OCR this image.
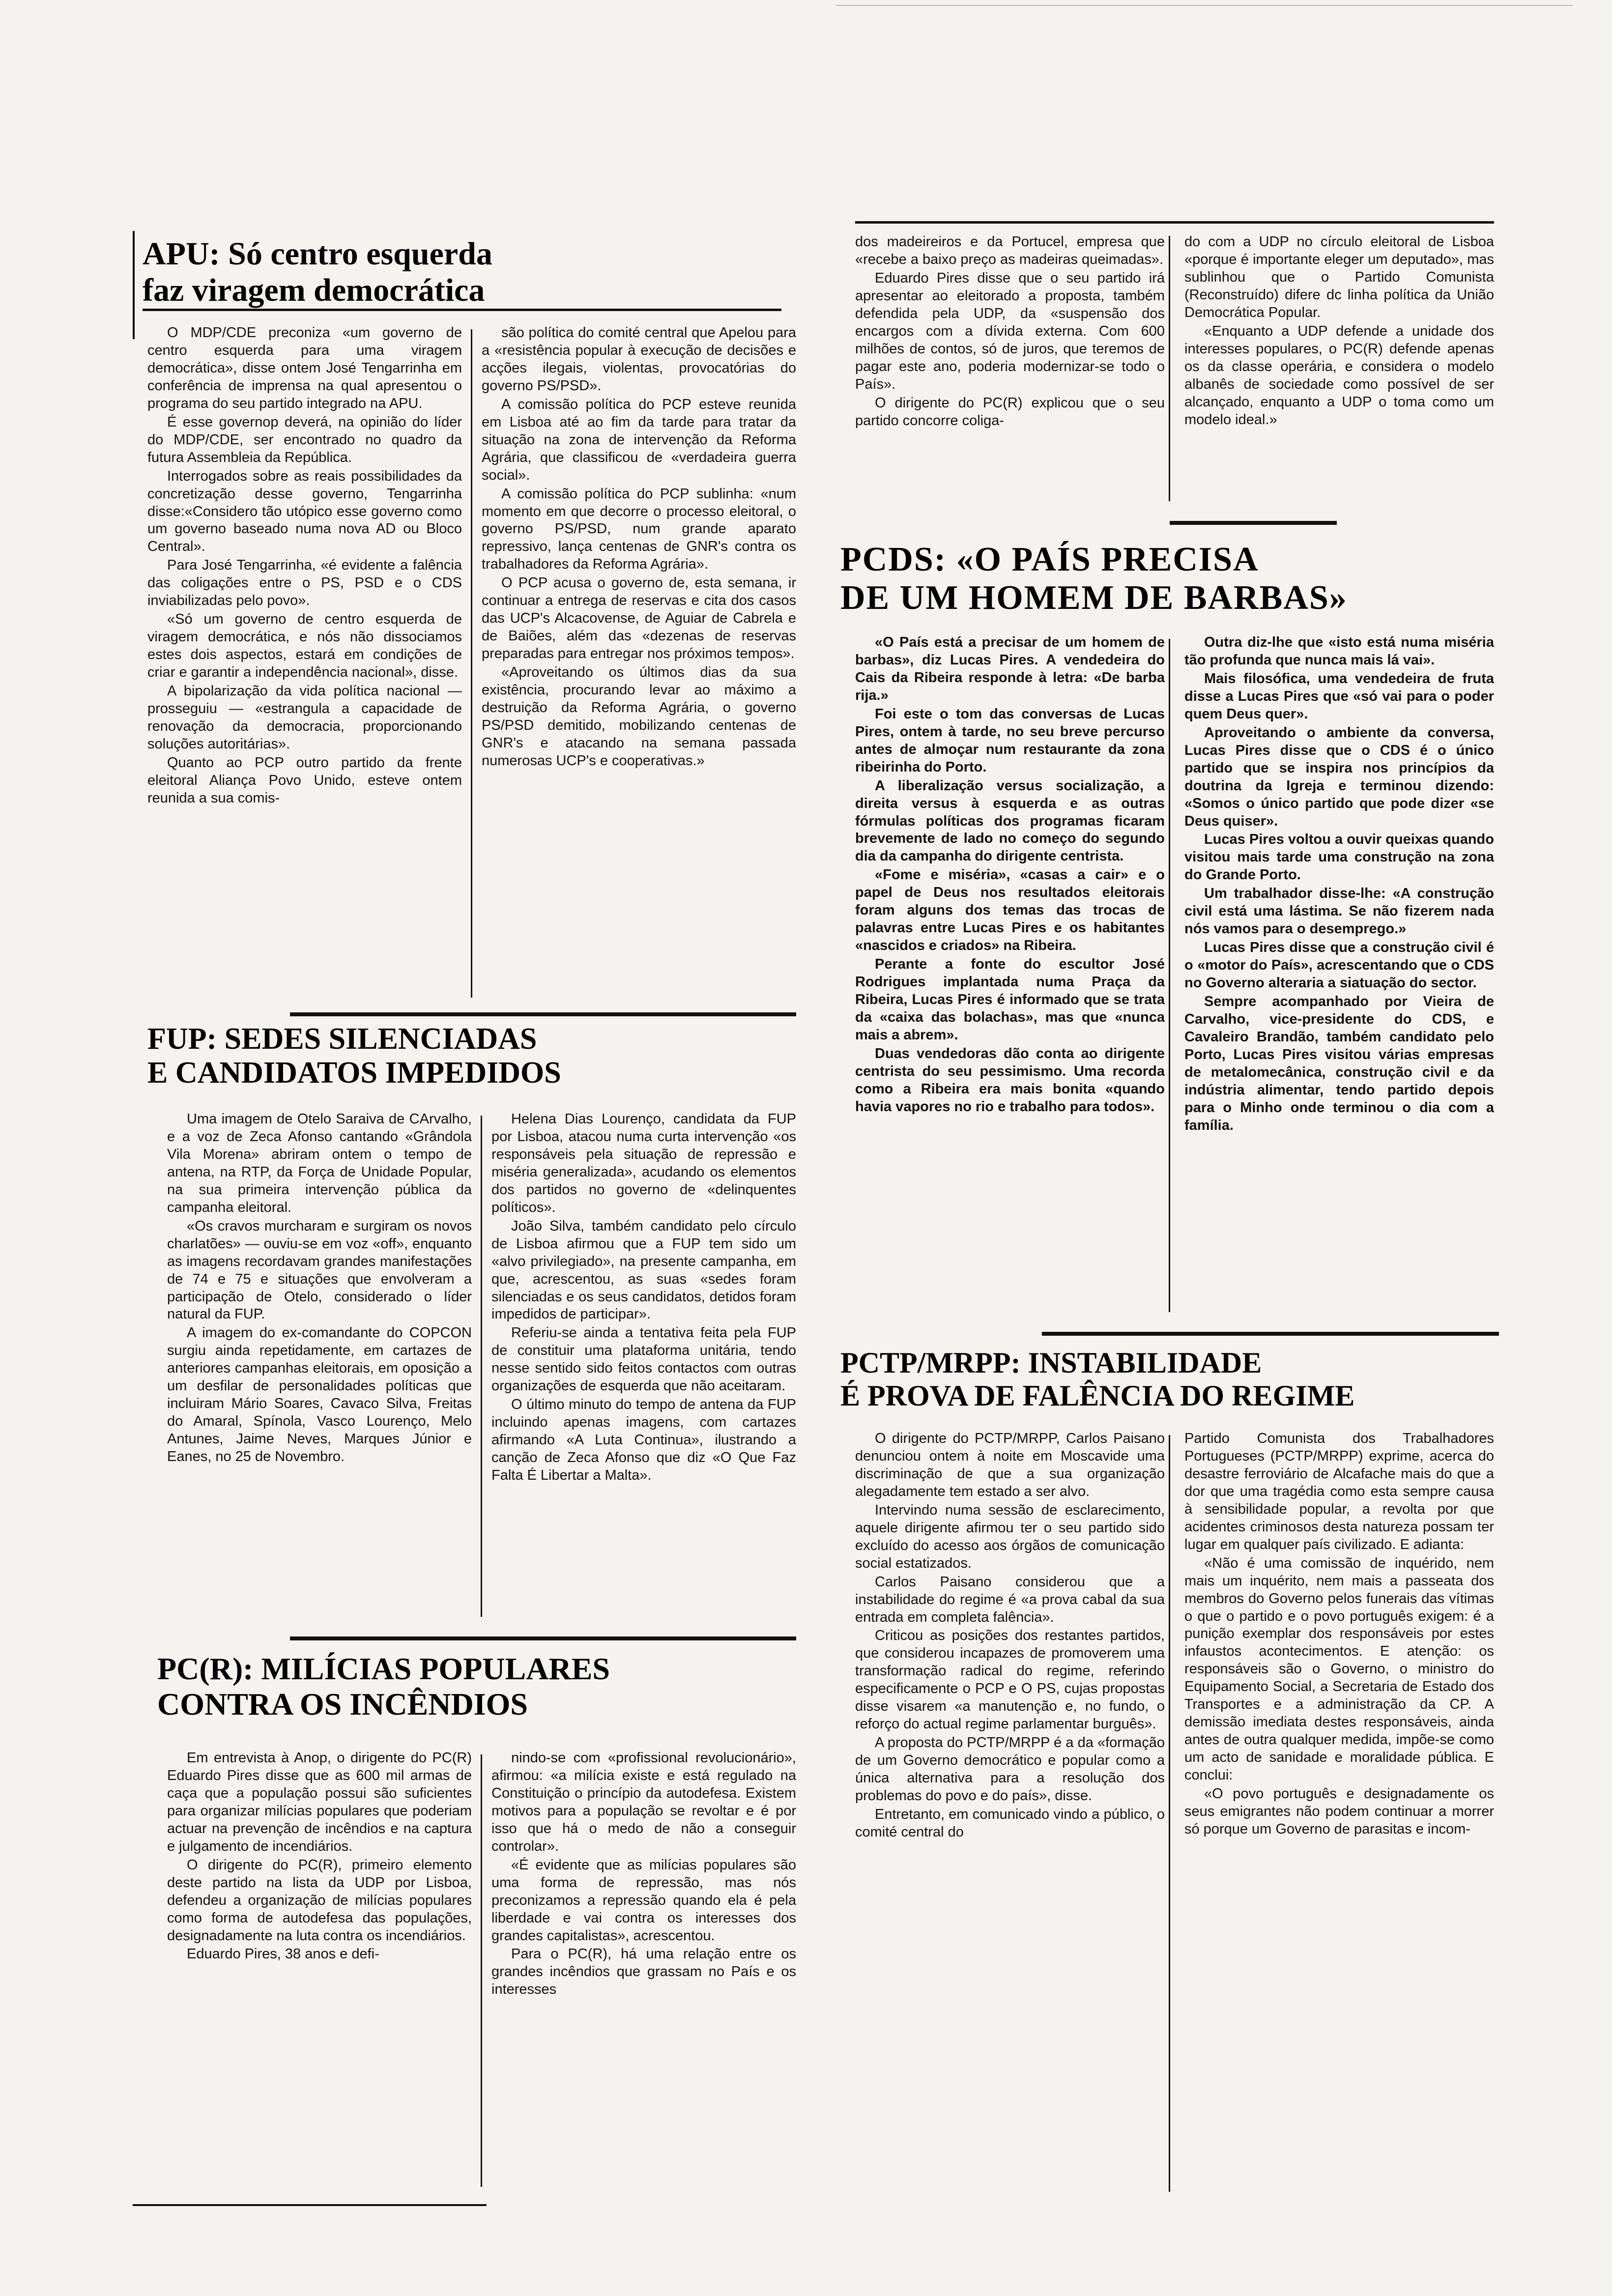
APU: Só centro esquerda
faz viragem democrática

O MDP/CDE preconiza «um governo de centro esquerda para uma viragem democrática», disse ontem José Tengarrinha em conferência de imprensa na qual apresentou o programa do seu partido integrado na APU.

É esse governop deverá, na opinião do líder do MDP/CDE, ser encontrado no quadro da futura Assembleia da República.

Interrogados sobre as reais possibilidades da concretização desse governo, Tengarrinha disse:«Considero tão utópico esse governo como um governo baseado numa nova AD ou Bloco Central».

Para José Tengarrinha, «é evidente a falência das coligações entre o PS, PSD e o CDS inviabilizadas pelo povo».

«Só um governo de centro esquerda de viragem democrática, e nós não dissociamos estes dois aspectos, estará em condições de criar e garantir a independência nacional», disse.

A bipolarização da vida política nacional — prosseguiu — «estrangula a capacidade de renovação da democracia, proporcionando soluções autoritárias».

Quanto ao PCP outro partido da frente eleitoral Aliança Povo Unido, esteve ontem reunida a sua comis-

são política do comité central que Apelou para a «resistência popular à execução de decisões e acções ilegais, violentas, provocatórias do governo PS/PSD».

A comissão política do PCP esteve reunida em Lisboa até ao fim da tarde para tratar da situação na zona de intervenção da Reforma Agrária, que classificou de «verdadeira guerra social».

A comissão política do PCP sublinha: «num momento em que decorre o processo eleitoral, o governo PS/PSD, num grande aparato repressivo, lança centenas de GNR's contra os trabalhadores da Reforma Agrária».

O PCP acusa o governo de, esta semana, ir continuar a entrega de reservas e cita dos casos das UCP's Alcacovense, de Aguiar de Cabrela e de Baiões, além das «dezenas de reservas preparadas para entregar nos próximos tempos».

«Aproveitando os últimos dias da sua existência, procurando levar ao máximo a destruição da Reforma Agrária, o governo PS/PSD demitido, mobilizando centenas de GNR's e atacando na semana passada numerosas UCP's e cooperativas.»

FUP: SEDES SILENCIADAS
E CANDIDATOS IMPEDIDOS

Uma imagem de Otelo Saraiva de CArvalho, e a voz de Zeca Afonso cantando «Grândola Vila Morena» abriram ontem o tempo de antena, na RTP, da Força de Unidade Popular, na sua primeira intervenção pública da campanha eleitoral.

«Os cravos murcharam e surgiram os novos charlatões» — ouviu-se em voz «off», enquanto as imagens recordavam grandes manifestações de 74 e 75 e situações que envolveram a participação de Otelo, considerado o líder natural da FUP.

A imagem do ex-comandante do COPCON surgiu ainda repetidamente, em cartazes de anteriores campanhas eleitorais, em oposição a um desfilar de personalidades políticas que incluiram Mário Soares, Cavaco Silva, Freitas do Amaral, Spínola, Vasco Lourenço, Melo Antunes, Jaime Neves, Marques Júnior e Eanes, no 25 de Novembro.

Helena Dias Lourenço, candidata da FUP por Lisboa, atacou numa curta intervenção «os responsáveis pela situação de repressão e miséria generalizada», acudando os elementos dos partidos no governo de «delinquentes políticos».

João Silva, também candidato pelo círculo de Lisboa afirmou que a FUP tem sido um «alvo privilegiado», na presente campanha, em que, acrescentou, as suas «sedes foram silenciadas e os seus candidatos, detidos foram impedidos de participar».

Referiu-se ainda a tentativa feita pela FUP de constituir uma plataforma unitária, tendo nesse sentido sido feitos contactos com outras organizações de esquerda que não aceitaram.

O último minuto do tempo de antena da FUP incluindo apenas imagens, com cartazes afirmando «A Luta Continua», ilustrando a canção de Zeca Afonso que diz «O Que Faz Falta É Libertar a Malta».

PC(R): MILÍCIAS POPULARES
CONTRA OS INCÊNDIOS

Em entrevista à Anop, o dirigente do PC(R) Eduardo Pires disse que as 600 mil armas de caça que a população possui são suficientes para organizar milícias populares que poderiam actuar na prevenção de incêndios e na captura e julgamento de incendiários.

O dirigente do PC(R), primeiro elemento deste partido na lista da UDP por Lisboa, defendeu a organização de milícias populares como forma de autodefesa das populações, designadamente na luta contra os incendiários.

Eduardo Pires, 38 anos e defi-

nindo-se com «profissional revolucionário», afirmou: «a milícia existe e está regulado na Constituição o princípio da autodefesa. Existem motivos para a população se revoltar e é por isso que há o medo de não a conseguir controlar».

«É evidente que as milícias populares são uma forma de repressão, mas nós preconizamos a repressão quando ela é pela liberdade e vai contra os interesses dos grandes capitalistas», acrescentou.

Para o PC(R), há uma relação entre os grandes incêndios que grassam no País e os interesses

dos madeireiros e da Portucel, empresa que «recebe a baixo preço as madeiras queimadas».

Eduardo Pires disse que o seu partido irá apresentar ao eleitorado a proposta, também defendida pela UDP, da «suspensão dos encargos com a dívida externa. Com 600 milhões de contos, só de juros, que teremos de pagar este ano, poderia modernizar-se todo o País».

O dirigente do PC(R) explicou que o seu partido concorre coliga-

do com a UDP no círculo eleitoral de Lisboa «porque é importante eleger um deputado», mas sublinhou que o Partido Comunista (Reconstruído) difere dc linha política da União Democrática Popular.

«Enquanto a UDP defende a unidade dos interesses populares, o PC(R) defende apenas os da classe operária, e considera o modelo albanês de sociedade como possível de ser alcançado, enquanto a UDP o toma como um modelo ideal.»

PCDS: «O PAÍS PRECISA
DE UM HOMEM DE BARBAS»

«O País está a precisar de um homem de barbas», diz Lucas Pires. A vendedeira do Cais da Ribeira responde à letra: «De barba rija.»

Foi este o tom das conversas de Lucas Pires, ontem à tarde, no seu breve percurso antes de almoçar num restaurante da zona ribeirinha do Porto.

A liberalização versus socialização, a direita versus à esquerda e as outras fórmulas políticas dos programas ficaram brevemente de lado no começo do segundo dia da campanha do dirigente centrista.

«Fome e miséria», «casas a cair» e o papel de Deus nos resultados eleitorais foram alguns dos temas das trocas de palavras entre Lucas Pires e os habitantes «nascidos e criados» na Ribeira.

Perante a fonte do escultor José Rodrigues implantada numa Praça da Ribeira, Lucas Pires é informado que se trata da «caixa das bolachas», mas que «nunca mais a abrem».

Duas vendedoras dão conta ao dirigente centrista do seu pessimismo. Uma recorda como a Ribeira era mais bonita «quando havia vapores no rio e trabalho para todos».

Outra diz-lhe que «isto está numa miséria tão profunda que nunca mais lá vai».

Mais filosófica, uma vendedeira de fruta disse a Lucas Pires que «só vai para o poder quem Deus quer».

Aproveitando o ambiente da conversa, Lucas Pires disse que o CDS é o único partido que se inspira nos princípios da doutrina da Igreja e terminou dizendo: «Somos o único partido que pode dizer «se Deus quiser».

Lucas Pires voltou a ouvir queixas quando visitou mais tarde uma construção na zona do Grande Porto.

Um trabalhador disse-lhe: «A construção civil está uma lástima. Se não fizerem nada nós vamos para o desemprego.»

Lucas Pires disse que a construção civil é o «motor do País», acrescentando que o CDS no Governo alteraria a siatuação do sector.

Sempre acompanhado por Vieira de Carvalho, vice-presidente do CDS, e Cavaleiro Brandão, também candidato pelo Porto, Lucas Pires visitou várias empresas de metalomecânica, construção civil e da indústria alimentar, tendo partido depois para o Minho onde terminou o dia com a família.

PCTP/MRPP: INSTABILIDADE
É PROVA DE FALÊNCIA DO REGIME

O dirigente do PCTP/MRPP, Carlos Paisano denunciou ontem à noite em Moscavide uma discriminação de que a sua organização alegadamente tem estado a ser alvo.

Intervindo numa sessão de esclarecimento, aquele dirigente afirmou ter o seu partido sido excluído do acesso aos órgãos de comunicação social estatizados.

Carlos Paisano considerou que a instabilidade do regime é «a prova cabal da sua entrada em completa falência».

Criticou as posições dos restantes partidos, que considerou incapazes de promoverem uma transformação radical do regime, referindo especificamente o PCP e O PS, cujas propostas disse visarem «a manutenção e, no fundo, o reforço do actual regime parlamentar burguês».

A proposta do PCTP/MRPP é a da «formação de um Governo democrático e popular como a única alternativa para a resolução dos problemas do povo e do país», disse.

Entretanto, em comunicado vindo a público, o comité central do

Partido Comunista dos Trabalhadores Portugueses (PCTP/MRPP) exprime, acerca do desastre ferroviário de Alcafache mais do que a dor que uma tragédia como esta sempre causa à sensibilidade popular, a revolta por que acidentes criminosos desta natureza possam ter lugar em qualquer país civilizado. E adianta:

«Não é uma comissão de inquérido, nem mais um inquérito, nem mais a passeata dos membros do Governo pelos funerais das vítimas o que o partido e o povo português exigem: é a punição exemplar dos responsáveis por estes infaustos acontecimentos. E atenção: os responsáveis são o Governo, o ministro do Equipamento Social, a Secretaria de Estado dos Transportes e a administração da CP. A demissão imediata destes responsáveis, ainda antes de outra qualquer medida, impõe-se como um acto de sanidade e moralidade pública. E conclui:

«O povo português e designadamente os seus emigrantes não podem continuar a morrer só porque um Governo de parasitas e incom-
